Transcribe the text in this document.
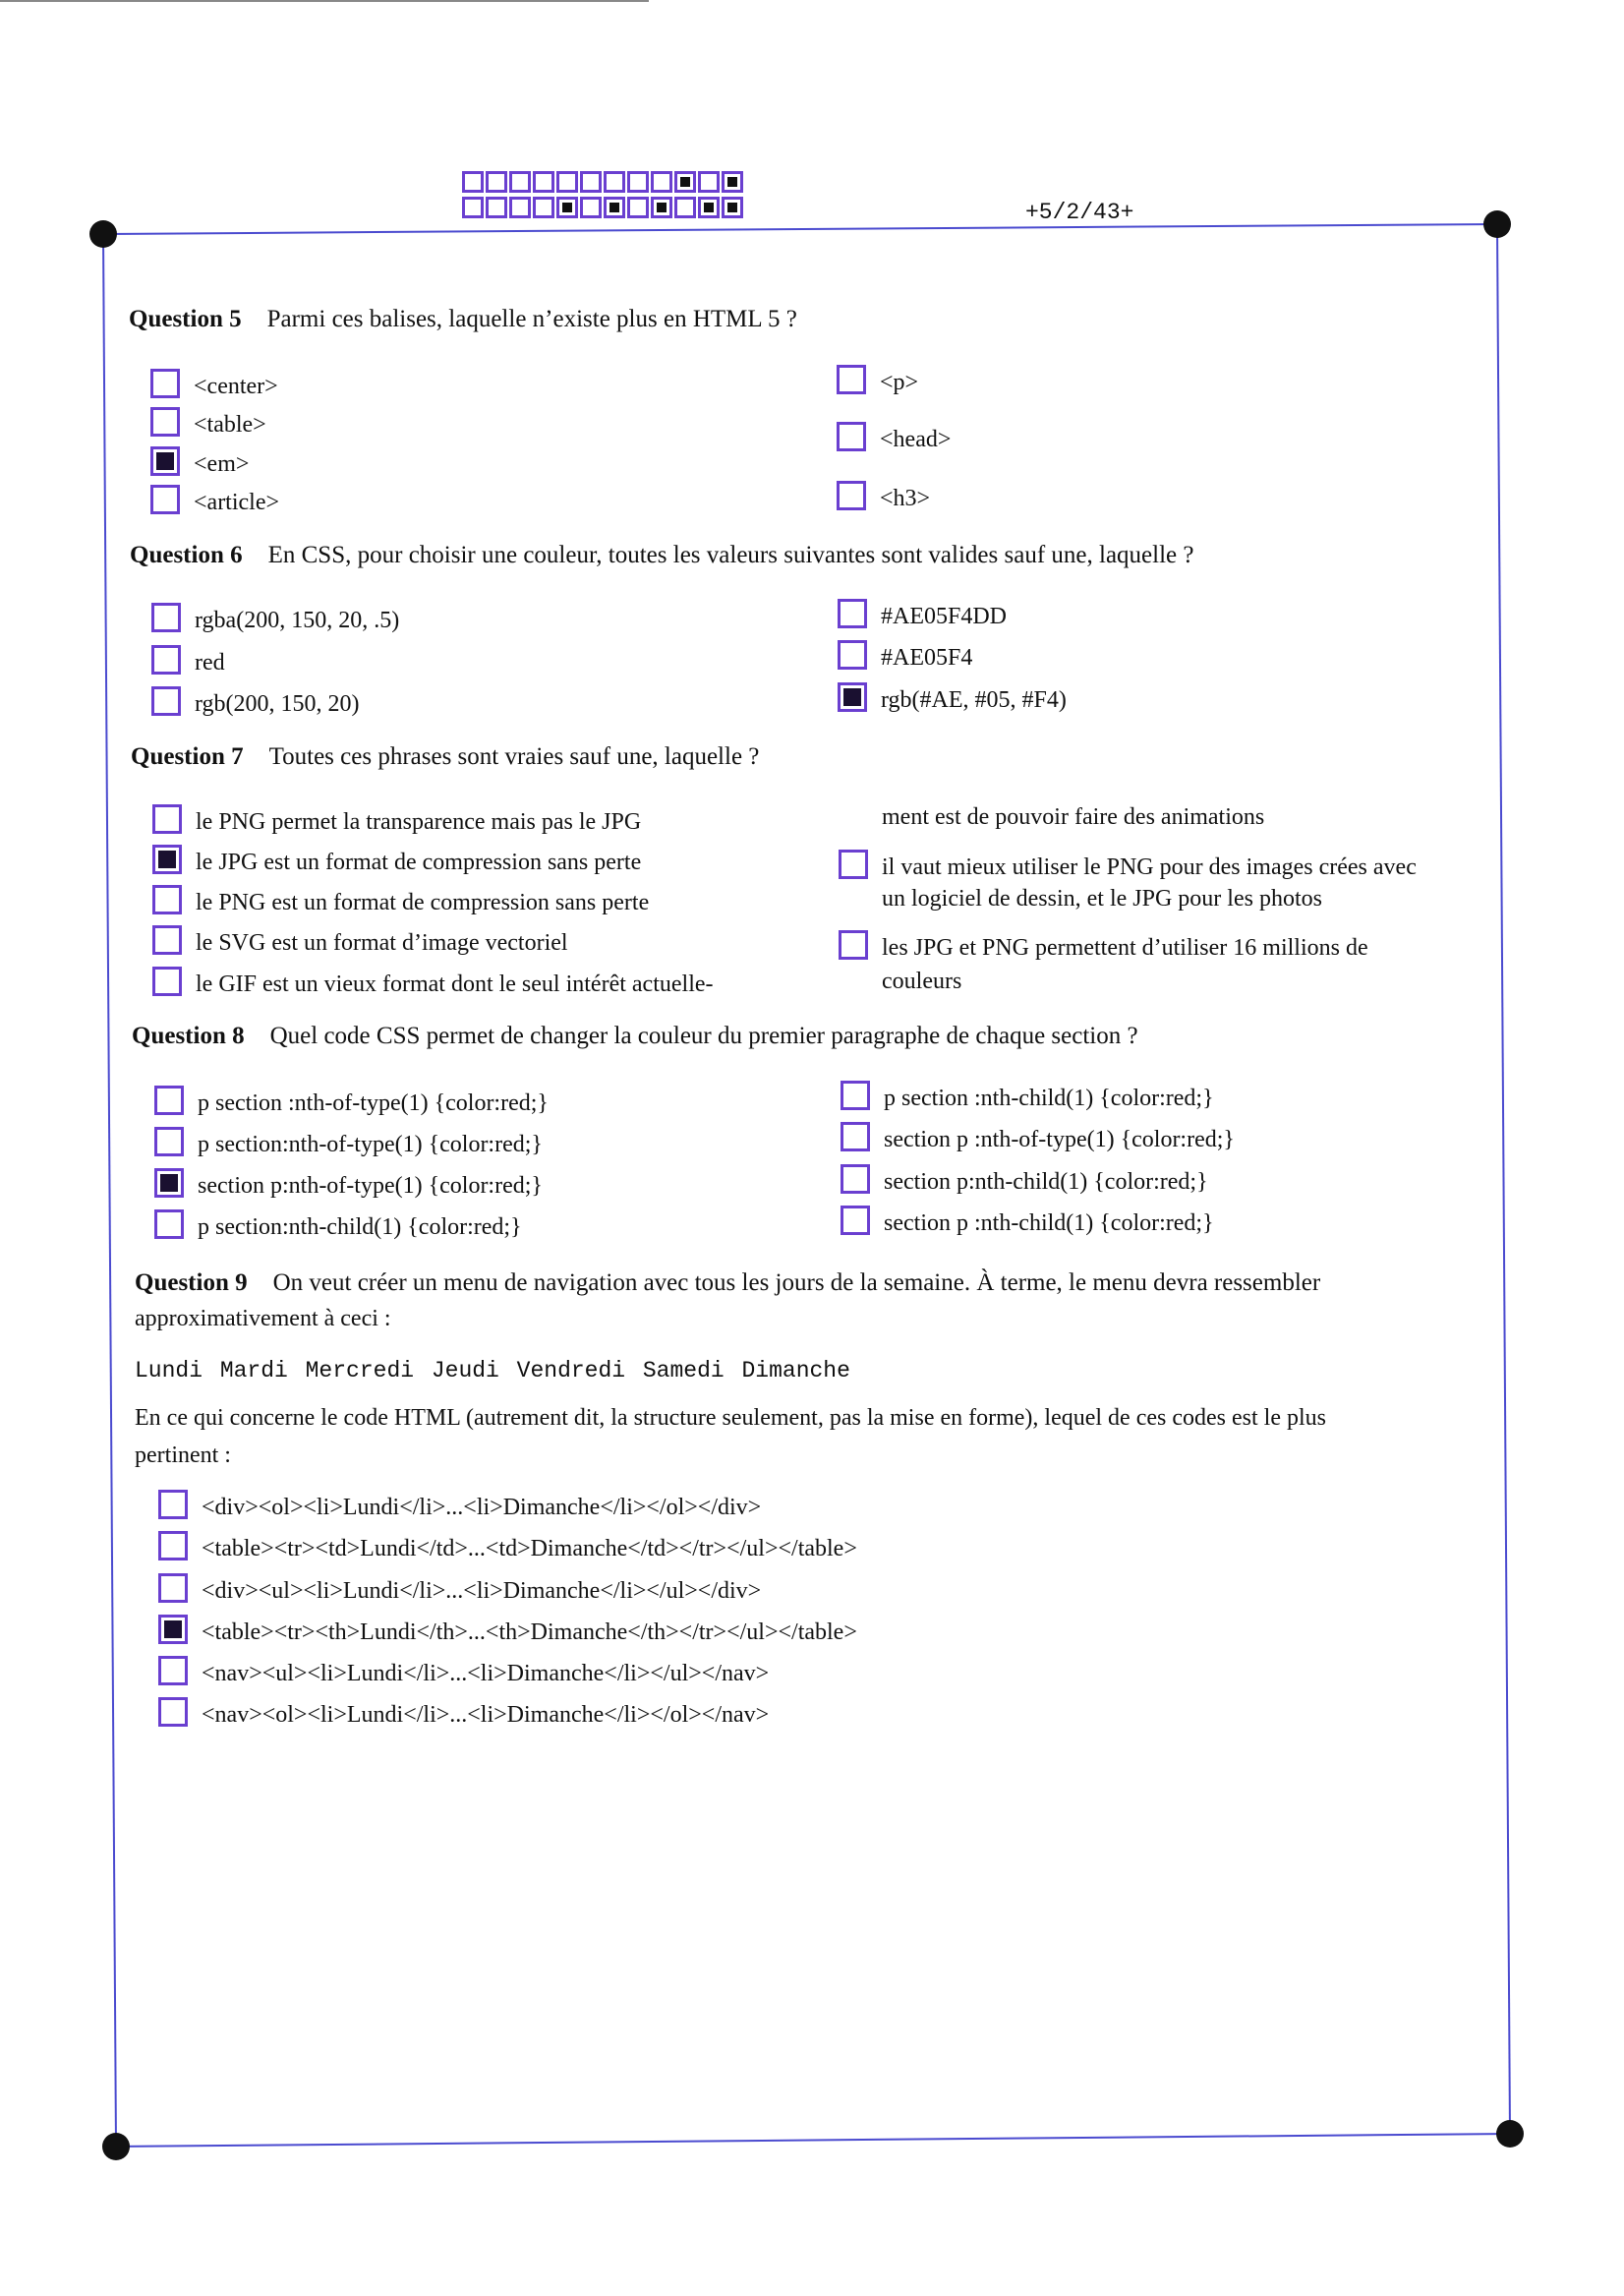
+5/2/43+
Question 5 Parmi ces balises, laquelle n’existe plus en HTML 5 ?
<center>
<table>
<em>
<article>
<p>
<head>
<h3>
Question 6 En CSS, pour choisir une couleur, toutes les valeurs suivantes sont valides sauf une, laquelle ?
rgba(200, 150, 20, .5)
red
rgb(200, 150, 20)
#AE05F4DD
#AE05F4
rgb(#AE, #05, #F4)
Question 7 Toutes ces phrases sont vraies sauf une, laquelle ?
le PNG permet la transparence mais pas le JPG
le JPG est un format de compression sans perte
le PNG est un format de compression sans perte
le SVG est un format d’image vectoriel
le GIF est un vieux format dont le seul intérêt actuelle-
ment est de pouvoir faire des animations
il vaut mieux utiliser le PNG pour des images crées avec
un logiciel de dessin, et le JPG pour les photos
les JPG et PNG permettent d’utiliser 16 millions de
couleurs
Question 8 Quel code CSS permet de changer la couleur du premier paragraphe de chaque section ?
p section :nth-of-type(1) {color:red;}
p section:nth-of-type(1) {color:red;}
section p:nth-of-type(1) {color:red;}
p section:nth-child(1) {color:red;}
p section :nth-child(1) {color:red;}
section p :nth-of-type(1) {color:red;}
section p:nth-child(1) {color:red;}
section p :nth-child(1) {color:red;}
Question 9 On veut créer un menu de navigation avec tous les jours de la semaine. À terme, le menu devra ressembler
approximativement à ceci :
Lundi Mardi Mercredi Jeudi Vendredi Samedi Dimanche
En ce qui concerne le code HTML (autrement dit, la structure seulement, pas la mise en forme), lequel de ces codes est le plus
pertinent :
<div><ol><li>Lundi</li>...<li>Dimanche</li></ol></div>
<table><tr><td>Lundi</td>...<td>Dimanche</td></tr></ul></table>
<div><ul><li>Lundi</li>...<li>Dimanche</li></ul></div>
<table><tr><th>Lundi</th>...<th>Dimanche</th></tr></ul></table>
<nav><ul><li>Lundi</li>...<li>Dimanche</li></ul></nav>
<nav><ol><li>Lundi</li>...<li>Dimanche</li></ol></nav>
